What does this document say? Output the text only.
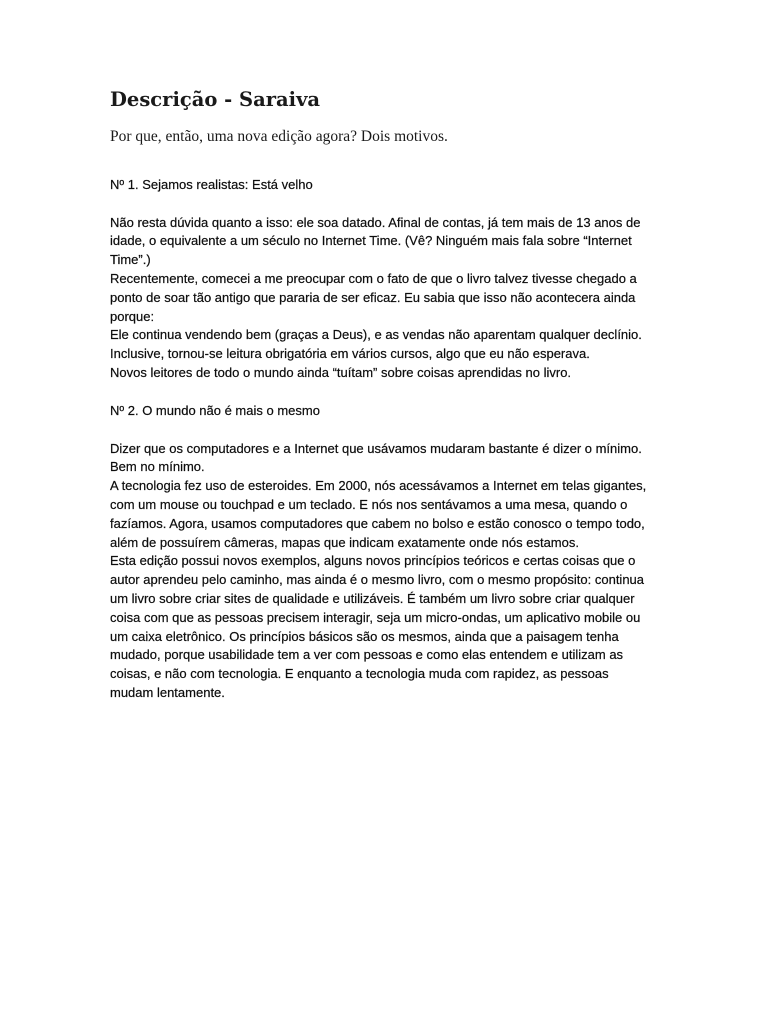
Descrição - Saraiva

Por que, então, uma nova edição agora? Dois motivos.

Nº 1. Sejamos realistas: Está velho

Não resta dúvida quanto a isso: ele soa datado. Afinal de contas, já tem mais de 13 anos de idade, o equivalente a um século no Internet Time. (Vê? Ninguém mais fala sobre “Internet Time”.)

Recentemente, comecei a me preocupar com o fato de que o livro talvez tivesse chegado a ponto de soar tão antigo que pararia de ser eficaz. Eu sabia que isso não acontecera ainda porque:

Ele continua vendendo bem (graças a Deus), e as vendas não aparentam qualquer declínio.

Inclusive, tornou-se leitura obrigatória em vários cursos, algo que eu não esperava.

Novos leitores de todo o mundo ainda “tuítam” sobre coisas aprendidas no livro.

Nº 2. O mundo não é mais o mesmo

Dizer que os computadores e a Internet que usávamos mudaram bastante é dizer o mínimo. Bem no mínimo.

A tecnologia fez uso de esteroides. Em 2000, nós acessávamos a Internet em telas gigantes, com um mouse ou touchpad e um teclado. E nós nos sentávamos a uma mesa, quando o fazíamos. Agora, usamos computadores que cabem no bolso e estão conosco o tempo todo, além de possuírem câmeras, mapas que indicam exatamente onde nós estamos.

Esta edição possui novos exemplos, alguns novos princípios teóricos e certas coisas que o autor aprendeu pelo caminho, mas ainda é o mesmo livro, com o mesmo propósito: continua um livro sobre criar sites de qualidade e utilizáveis. É também um livro sobre criar qualquer coisa com que as pessoas precisem interagir, seja um micro-ondas, um aplicativo mobile ou um caixa eletrônico. Os princípios básicos são os mesmos, ainda que a paisagem tenha mudado, porque usabilidade tem a ver com pessoas e como elas entendem e utilizam as coisas, e não com tecnologia. E enquanto a tecnologia muda com rapidez, as pessoas mudam lentamente.
